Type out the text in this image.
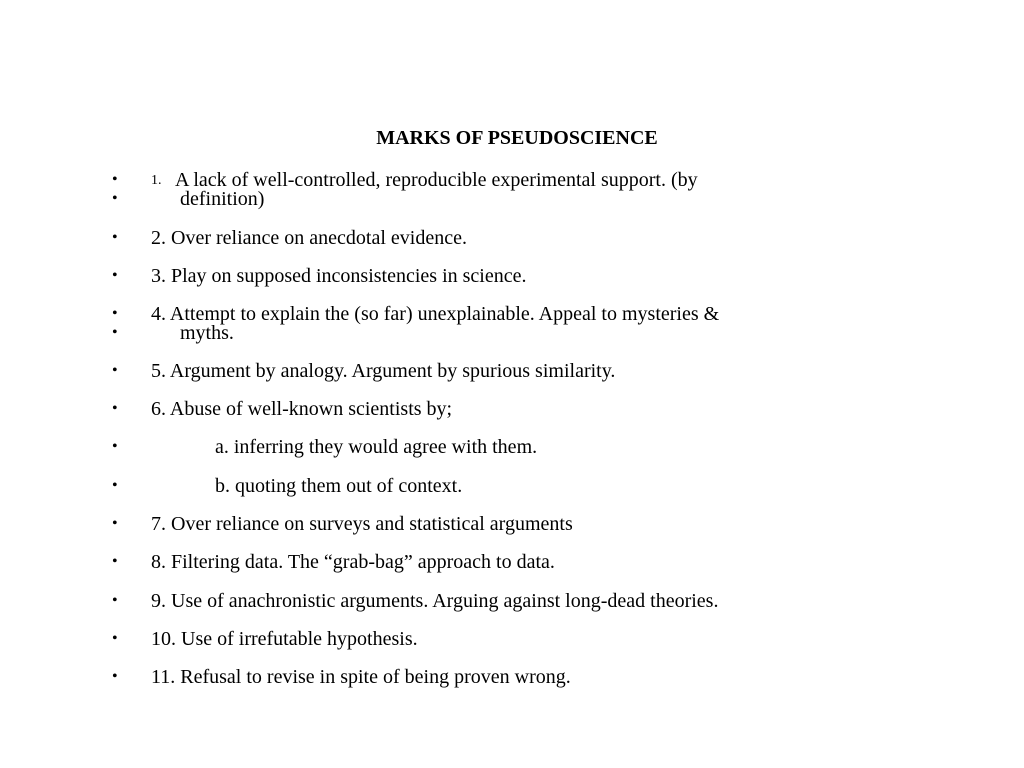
MARKS OF PSEUDOSCIENCE
• 1. A lack of well-controlled, reproducible experimental support. (by
•	definition)
• 2. Over reliance on anecdotal evidence.
• 3. Play on supposed inconsistencies in science.
• 4. Attempt to explain the (so far) unexplainable. Appeal to mysteries &
•	myths.
• 5. Argument by analogy. Argument by spurious similarity.
• 6. Abuse of well-known scientists by;
•	a. inferring they would agree with them.
•	b. quoting them out of context.
• 7. Over reliance on surveys and statistical arguments
• 8. Filtering data. The “grab-bag” approach to data.
• 9. Use of anachronistic arguments. Arguing against long-dead theories.
• 10. Use of irrefutable hypothesis.
• 11. Refusal to revise in spite of being proven wrong.
